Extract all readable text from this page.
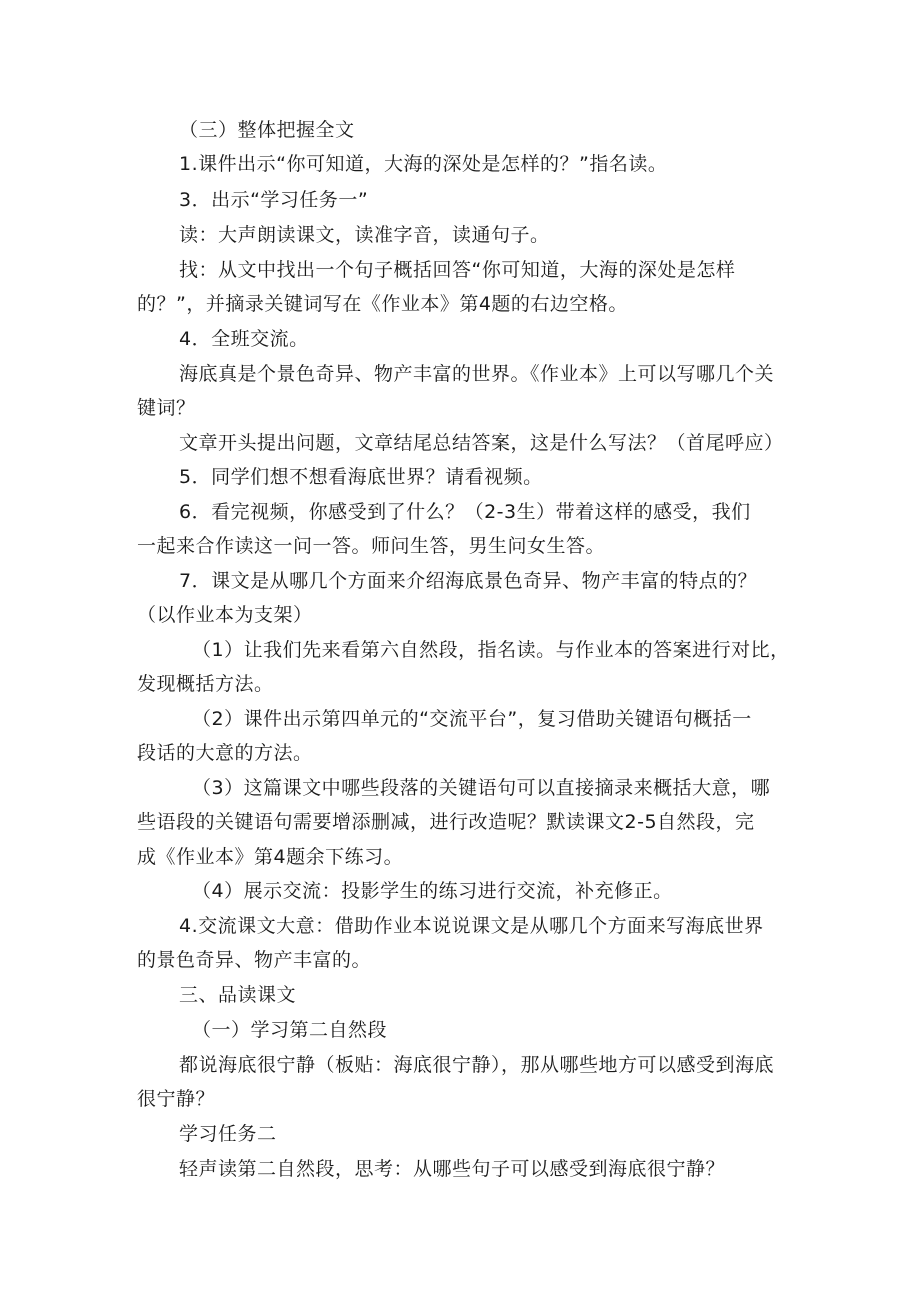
（三）整体把握全文
1.课件出示“你可知道，大海的深处是怎样的？”指名读。
3．出示“学习任务一”
读：大声朗读课文，读准字音，读通句子。
找：从文中找出一个句子概括回答“你可知道，大海的深处是怎样
的？”，并摘录关键词写在《作业本》第4题的右边空格。
4．全班交流。
海底真是个景色奇异、物产丰富的世界。《作业本》上可以写哪几个关
键词？
文章开头提出问题，文章结尾总结答案，这是什么写法？（首尾呼应）
5．同学们想不想看海底世界？请看视频。
6．看完视频，你感受到了什么？（2-3生）带着这样的感受，我们
一起来合作读这一问一答。师问生答，男生问女生答。
7．课文是从哪几个方面来介绍海底景色奇异、物产丰富的特点的？
（以作业本为支架）
（1）让我们先来看第六自然段，指名读。与作业本的答案进行对比，
发现概括方法。
（2）课件出示第四单元的“交流平台”，复习借助关键语句概括一
段话的大意的方法。
（3）这篇课文中哪些段落的关键语句可以直接摘录来概括大意，哪
些语段的关键语句需要增添删减，进行改造呢？默读课文2-5自然段，完
成《作业本》第4题余下练习。
（4）展示交流：投影学生的练习进行交流，补充修正。
4.交流课文大意：借助作业本说说课文是从哪几个方面来写海底世界
的景色奇异、物产丰富的。
三、品读课文
（一）学习第二自然段
都说海底很宁静（板贴：海底很宁静），那从哪些地方可以感受到海底
很宁静？
学习任务二
轻声读第二自然段，思考：从哪些句子可以感受到海底很宁静？
